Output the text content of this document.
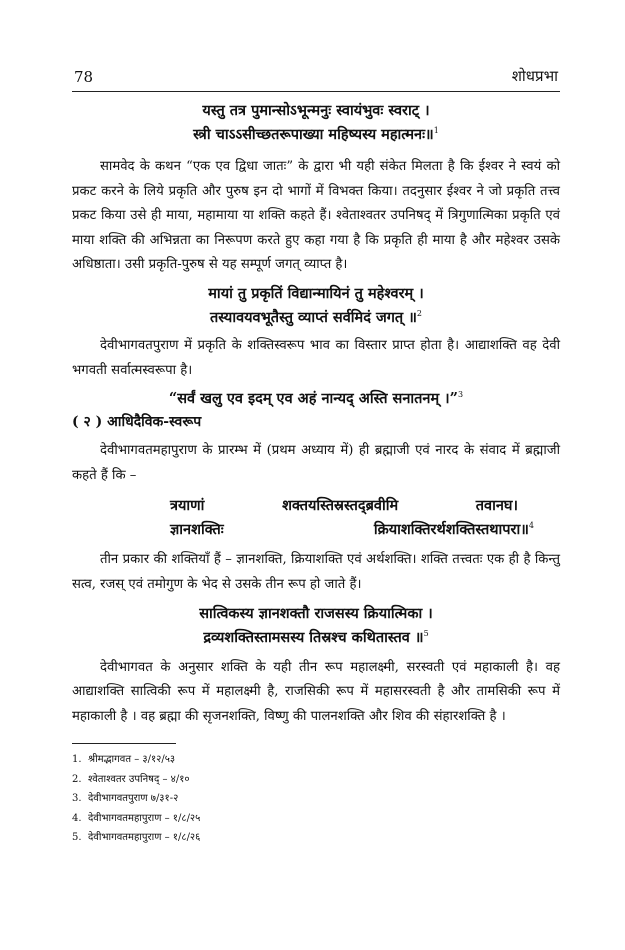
78	शोधप्रभा
यस्तु तत्र पुमान्सोऽभून्मनुः स्वायंभुवः स्वराट् ।
स्त्री चाऽऽसीच्छतरूपाख्या महिष्यस्य महात्मनः॥$^1$

सामवेद के कथन “एक एव द्विधा जातः” के द्वारा भी यही संकेत मिलता है कि ईश्वर ने स्वयं को प्रकट करने के लिये प्रकृति और पुरुष इन दो भागों में विभक्त किया। तदनुसार ईश्वर ने जो प्रकृति तत्त्व प्रकट किया उसे ही माया, महामाया या शक्ति कहते हैं। श्वेताश्वतर उपनिषद् में त्रिगुणात्मिका प्रकृति एवं माया शक्ति की अभिन्नता का निरूपण करते हुए कहा गया है कि प्रकृति ही माया है और महेश्वर उसके अधिष्ठाता। उसी प्रकृति-पुरुष से यह सम्पूर्ण जगत् व्याप्त है।

मायां तु प्रकृतिं विद्यान्मायिनं तु महेश्वरम् ।
तस्यावयवभूतैस्तु व्याप्तं सर्वमिदं जगत् ॥$^2$

देवीभागवतपुराण में प्रकृति के शक्तिस्वरूप भाव का विस्तार प्राप्त होता है। आद्याशक्ति वह देवी भगवती सर्वात्मस्वरूपा है।

“सर्वं खलु एव इदम् एव अहं नान्यद् अस्ति सनातनम् ।”$^3$

( २ ) आधिदैविक-स्वरूप

देवीभागवतमहापुराण के प्रारम्भ में (प्रथम अध्याय में) ही ब्रह्माजी एवं नारद के संवाद में ब्रह्माजी कहते हैं कि –

त्रयाणां	शक्तयस्तिस्रस्तद्ब्रवीमि	तवानघ।
ज्ञानशक्तिः	क्रियाशक्तिरर्थशक्तिस्तथापरा॥$^4$

तीन प्रकार की शक्तियाँ हैं – ज्ञानशक्ति, क्रियाशक्ति एवं अर्थशक्ति। शक्ति तत्त्वतः एक ही है किन्तु सत्व, रजस् एवं तमोगुण के भेद से उसके तीन रूप हो जाते हैं।

सात्विकस्य ज्ञानशक्तौ राजसस्य क्रियात्मिका ।
द्रव्यशक्तिस्तामसस्य तिस्रश्च कथितास्तव ॥$^5$

देवीभागवत के अनुसार शक्ति के यही तीन रूप महालक्ष्मी, सरस्वती एवं महाकाली है। वह आद्याशक्ति सात्विकी रूप में महालक्ष्मी है, राजसिकी रूप में महासरस्वती है और तामसिकी रूप में महाकाली है । वह ब्रह्मा की सृजनशक्ति, विष्णु की पालनशक्ति और शिव की संहारशक्ति है ।

1. श्रीमद्भागवत – ३/१२/५३
2. श्वेताश्वतर उपनिषद् – ४/१०
3. देवीभागवतपुराण ७/३१-२
4. देवीभागवतमहापुराण – १/८/२५
5. देवीभागवतमहापुराण – १/८/२६
